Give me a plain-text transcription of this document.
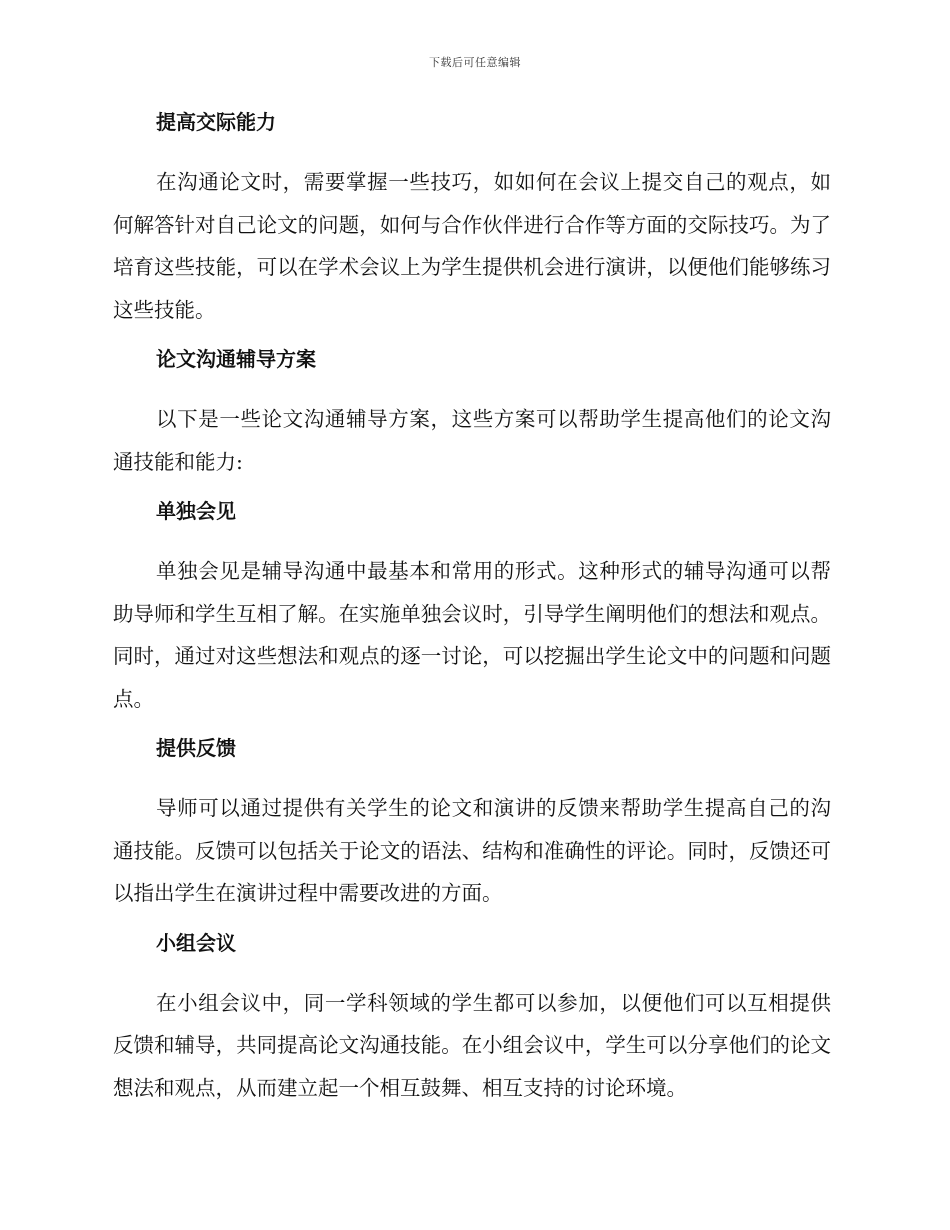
下载后可任意编辑
提高交际能力

在沟通论文时，需要掌握一些技巧，如如何在会议上提交自己的观点，如何解答针对自己论文的问题，如何与合作伙伴进行合作等方面的交际技巧。为了培育这些技能，可以在学术会议上为学生提供机会进行演讲，以便他们能够练习这些技能。

论文沟通辅导方案

以下是一些论文沟通辅导方案，这些方案可以帮助学生提高他们的论文沟通技能和能力:

单独会见

单独会见是辅导沟通中最基本和常用的形式。这种形式的辅导沟通可以帮助导师和学生互相了解。在实施单独会议时，引导学生阐明他们的想法和观点。同时，通过对这些想法和观点的逐一讨论，可以挖掘出学生论文中的问题和问题点。

提供反馈

导师可以通过提供有关学生的论文和演讲的反馈来帮助学生提高自己的沟通技能。反馈可以包括关于论文的语法、结构和准确性的评论。同时，反馈还可以指出学生在演讲过程中需要改进的方面。

小组会议

在小组会议中，同一学科领域的学生都可以参加，以便他们可以互相提供反馈和辅导，共同提高论文沟通技能。在小组会议中，学生可以分享他们的论文想法和观点，从而建立起一个相互鼓舞、相互支持的讨论环境。
